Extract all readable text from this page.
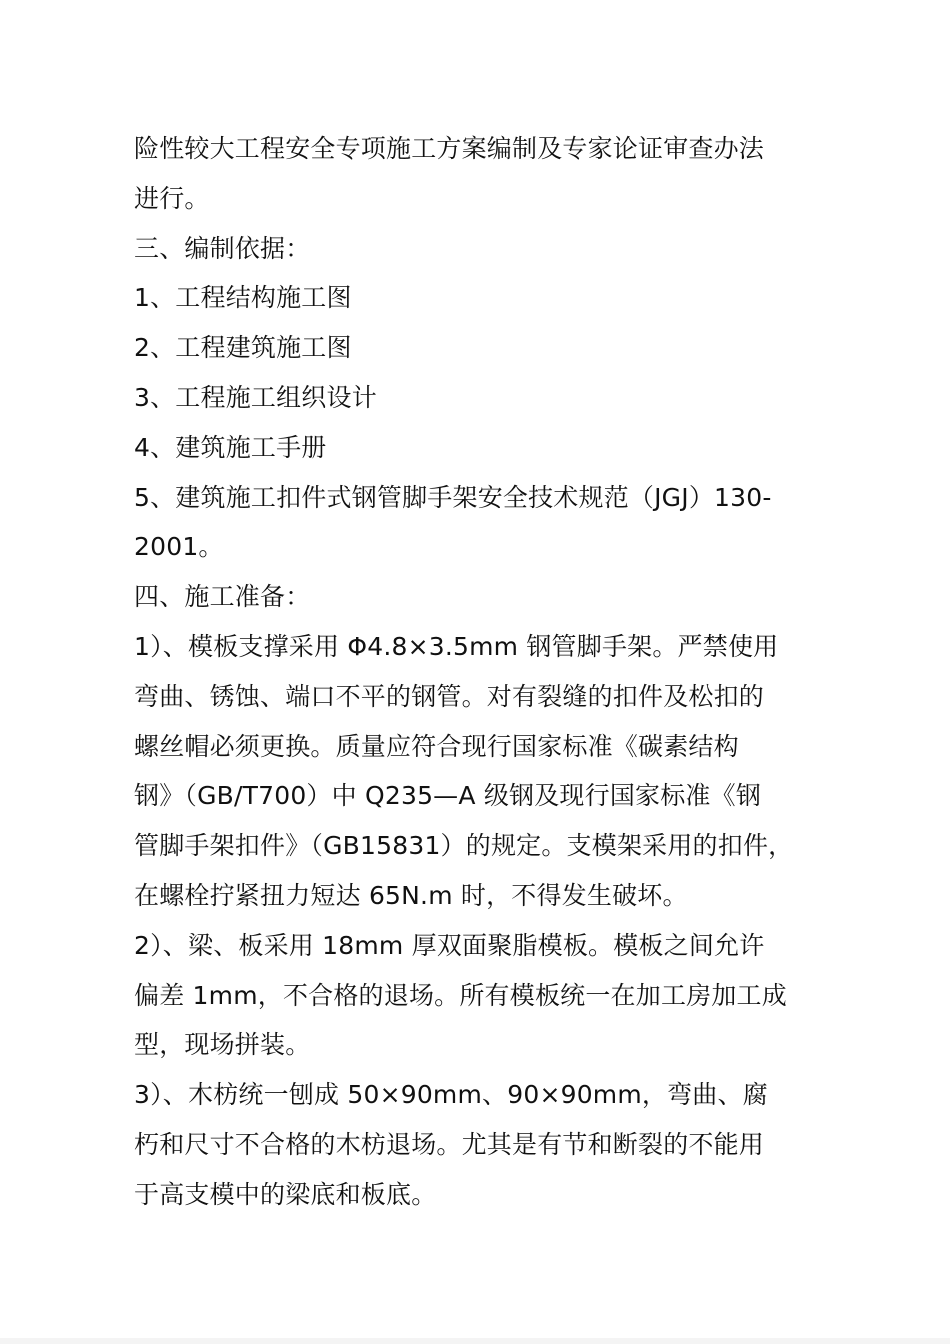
险性较大工程安全专项施工方案编制及专家论证审查办法
进行。
三、编制依据：
1、工程结构施工图
2、工程建筑施工图
3、工程施工组织设计
4、建筑施工手册
5、建筑施工扣件式钢管脚手架安全技术规范（JGJ）130-
2001。
四、施工准备：
1）、模板支撑采用 Φ4.8×3.5mm 钢管脚手架。严禁使用
弯曲、锈蚀、端口不平的钢管。对有裂缝的扣件及松扣的
螺丝帽必须更换。质量应符合现行国家标准《碳素结构
钢》（GB/T700）中 Q235—A 级钢及现行国家标准《钢
管脚手架扣件》（GB15831）的规定。支模架采用的扣件，
在螺栓拧紧扭力短达 65N.m 时，不得发生破坏。
2）、梁、板采用 18mm 厚双面聚脂模板。模板之间允许
偏差 1mm，不合格的退场。所有模板统一在加工房加工成
型，现场拼装。
3）、木枋统一刨成 50×90mm、90×90mm，弯曲、腐
朽和尺寸不合格的木枋退场。尤其是有节和断裂的不能用
于高支模中的梁底和板底。
